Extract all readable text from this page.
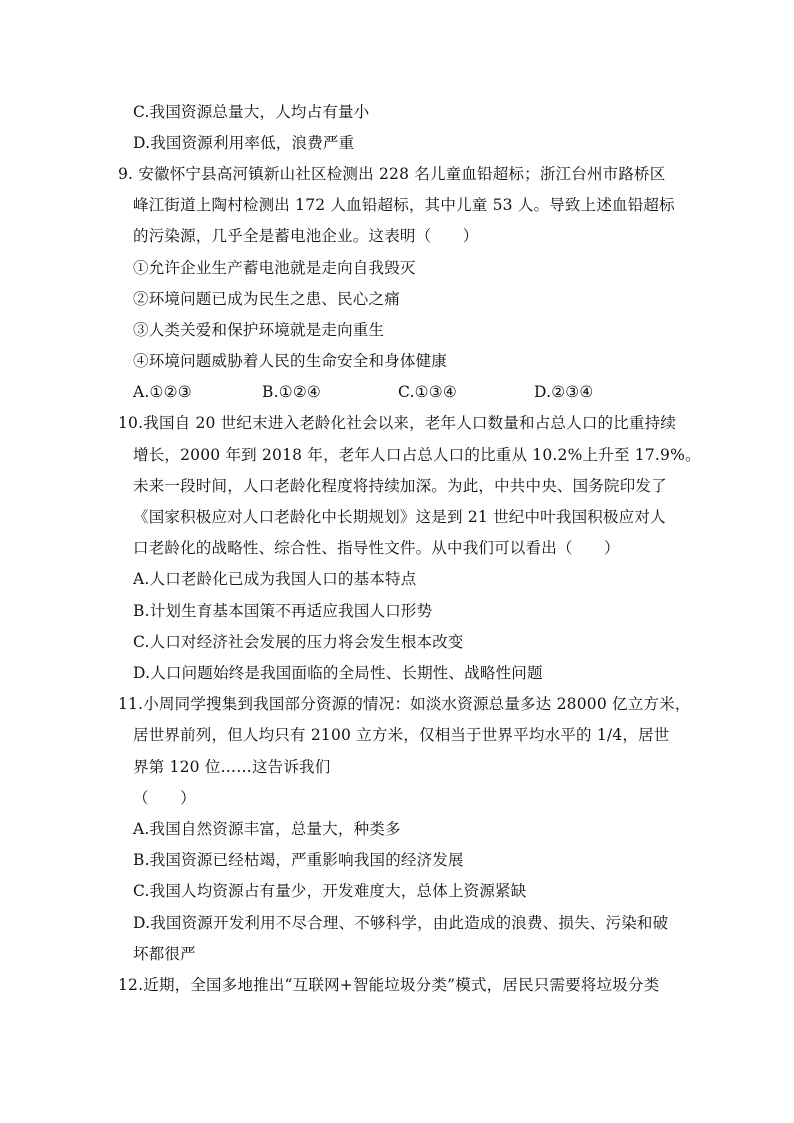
C.我国资源总量大，人均占有量小
D.我国资源利用率低，浪费严重
9. 安徽怀宁县高河镇新山社区检测出 228 名儿童血铅超标；浙江台州市路桥区
峰江街道上陶村检测出 172 人血铅超标，其中儿童 53 人。导致上述血铅超标
的污染源，几乎全是蓄电池企业。这表明（　　）
①允许企业生产蓄电池就是走向自我毁灭
②环境问题已成为民生之患、民心之痛
③人类关爱和保护环境就是走向重生
④环境问题威胁着人民的生命安全和身体健康
A.①②③	B.①②④	C.①③④	D.②③④
10.我国自 20 世纪末进入老龄化社会以来，老年人口数量和占总人口的比重持续
增长，2000 年到 2018 年，老年人口占总人口的比重从 10.2%上升至 17.9%。
未来一段时间，人口老龄化程度将持续加深。为此，中共中央、国务院印发了
《国家积极应对人口老龄化中长期规划》这是到 21 世纪中叶我国积极应对人
口老龄化的战略性、综合性、指导性文件。从中我们可以看出（　　）
A.人口老龄化已成为我国人口的基本特点
B.计划生育基本国策不再适应我国人口形势
C.人口对经济社会发展的压力将会发生根本改变
D.人口问题始终是我国面临的全局性、长期性、战略性问题
11.小周同学搜集到我国部分资源的情况：如淡水资源总量多达 28000 亿立方米，
居世界前列，但人均只有 2100 立方米，仅相当于世界平均水平的 1/4，居世
界第 120 位……这告诉我们
（　　）
A.我国自然资源丰富，总量大，种类多
B.我国资源已经枯竭，严重影响我国的经济发展
C.我国人均资源占有量少，开发难度大，总体上资源紧缺
D.我国资源开发利用不尽合理、不够科学，由此造成的浪费、损失、污染和破
坏都很严
12.近期，全国多地推出“互联网+智能垃圾分类”模式，居民只需要将垃圾分类
